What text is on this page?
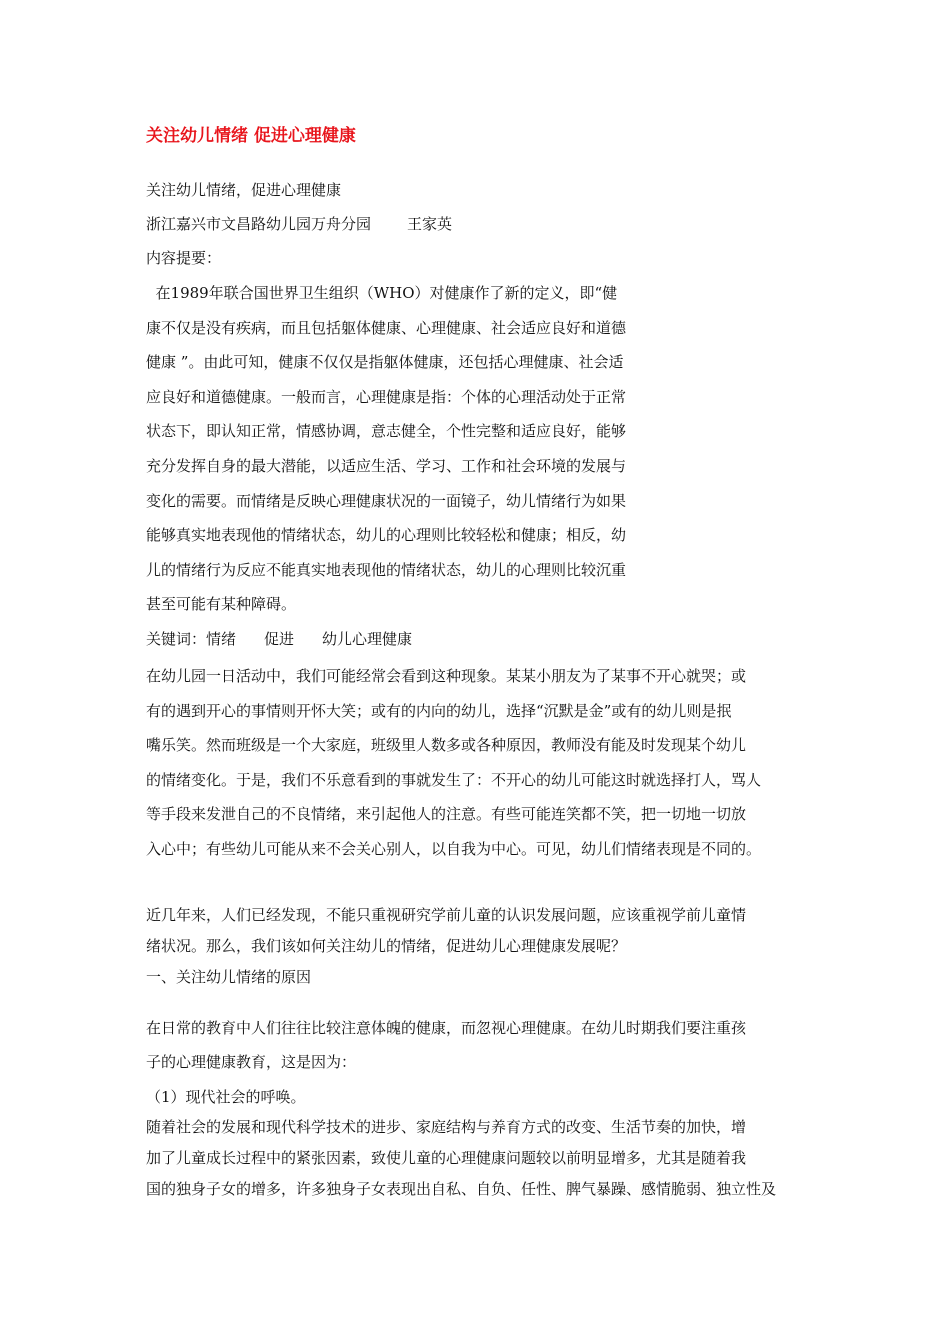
关注幼儿情绪 促进心理健康
关注幼儿情绪，促进心理健康
浙江嘉兴市文昌路幼儿园万舟分园 王家英
内容提要：
在1989年联合国世界卫生组织（WHO）对健康作了新的定义，即“健
康不仅是没有疾病，而且包括躯体健康、心理健康、社会适应良好和道德
健康 ”。由此可知，健康不仅仅是指躯体健康，还包括心理健康、社会适
应良好和道德健康。一般而言，心理健康是指：个体的心理活动处于正常
状态下，即认知正常，情感协调，意志健全，个性完整和适应良好，能够
充分发挥自身的最大潜能，以适应生活、学习、工作和社会环境的发展与
变化的需要。而情绪是反映心理健康状况的一面镜子，幼儿情绪行为如果
能够真实地表现他的情绪状态，幼儿的心理则比较轻松和健康；相反，幼
儿的情绪行为反应不能真实地表现他的情绪状态，幼儿的心理则比较沉重
甚至可能有某种障碍。
关键词：情绪 促进 幼儿心理健康
在幼儿园一日活动中，我们可能经常会看到这种现象。某某小朋友为了某事不开心就哭；或
有的遇到开心的事情则开怀大笑；或有的内向的幼儿，选择“沉默是金”或有的幼儿则是抿
嘴乐笑。然而班级是一个大家庭，班级里人数多或各种原因，教师没有能及时发现某个幼儿
的情绪变化。于是，我们不乐意看到的事就发生了：不开心的幼儿可能这时就选择打人，骂人
等手段来发泄自己的不良情绪，来引起他人的注意。有些可能连笑都不笑，把一切地一切放
入心中；有些幼儿可能从来不会关心别人，以自我为中心。可见，幼儿们情绪表现是不同的。
近几年来，人们已经发现，不能只重视研究学前儿童的认识发展问题，应该重视学前儿童情
绪状况。那么，我们该如何关注幼儿的情绪，促进幼儿心理健康发展呢？
一、关注幼儿情绪的原因
在日常的教育中人们往往比较注意体魄的健康，而忽视心理健康。在幼儿时期我们要注重孩
子的心理健康教育，这是因为：
（1）现代社会的呼唤。
随着社会的发展和现代科学技术的进步、家庭结构与养育方式的改变、生活节奏的加快，增
加了儿童成长过程中的紧张因素，致使儿童的心理健康问题较以前明显增多，尤其是随着我
国的独身子女的增多，许多独身子女表现出自私、自负、任性、脾气暴躁、感情脆弱、独立性及
